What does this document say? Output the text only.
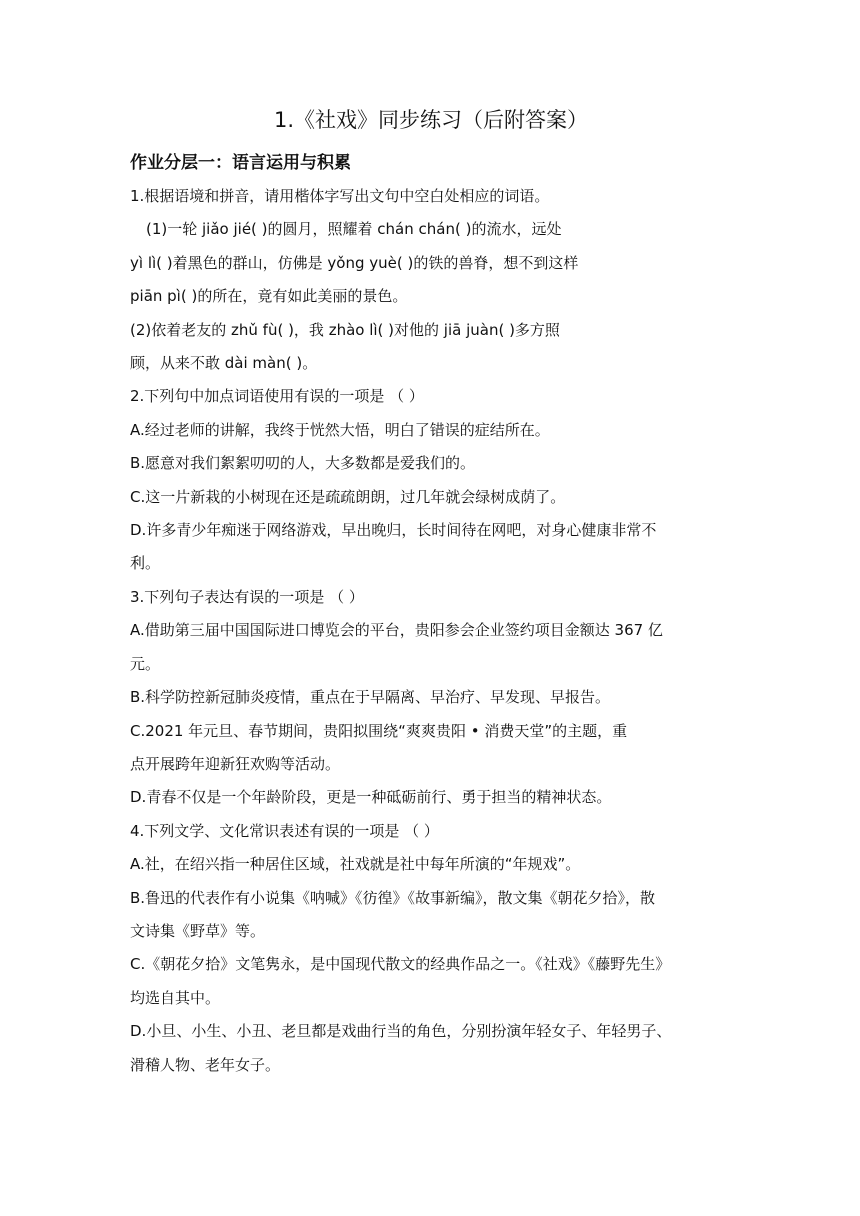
1.《社戏》同步练习（后附答案）
作业分层一：语言运用与积累
1.根据语境和拼音，请用楷体字写出文句中空白处相应的词语。
(1)一轮 jiǎo jié( )的圆月，照耀着 chán chán( )的流水，远处
yì lì( )着黑色的群山，仿佛是 yǒng yuè( )的铁的兽脊，想不到这样
piān pì( )的所在，竟有如此美丽的景色。
(2)依着老友的 zhǔ fù( )，我 zhào lì( )对他的 jiā juàn( )多方照
顾，从来不敢 dài màn( )。
2.下列句中加点词语使用有误的一项是 （ ）
A.经过老师的讲解，我终于恍然大悟，明白了错误的症结所在。
B.愿意对我们絮絮叨叨的人，大多数都是爱我们的。
C.这一片新栽的小树现在还是疏疏朗朗，过几年就会绿树成荫了。
D.许多青少年痴迷于网络游戏，早出晚归，长时间待在网吧，对身心健康非常不
利。
3.下列句子表达有误的一项是 （ ）
A.借助第三届中国国际进口博览会的平台，贵阳参会企业签约项目金额达 367 亿
元。
B.科学防控新冠肺炎疫情，重点在于早隔离、早治疗、早发现、早报告。
C.2021 年元旦、春节期间，贵阳拟围绕“爽爽贵阳 • 消费天堂”的主题，重
点开展跨年迎新狂欢购等活动。
D.青春不仅是一个年龄阶段，更是一种砥砺前行、勇于担当的精神状态。
4.下列文学、文化常识表述有误的一项是 （ ）
A.社，在绍兴指一种居住区域，社戏就是社中每年所演的“年规戏”。
B.鲁迅的代表作有小说集《呐喊》《彷徨》《故事新编》，散文集《朝花夕拾》，散
文诗集《野草》等。
C.《朝花夕拾》文笔隽永，是中国现代散文的经典作品之一。《社戏》《藤野先生》
均选自其中。
D.小旦、小生、小丑、老旦都是戏曲行当的角色，分别扮演年轻女子、年轻男子、
滑稽人物、老年女子。
